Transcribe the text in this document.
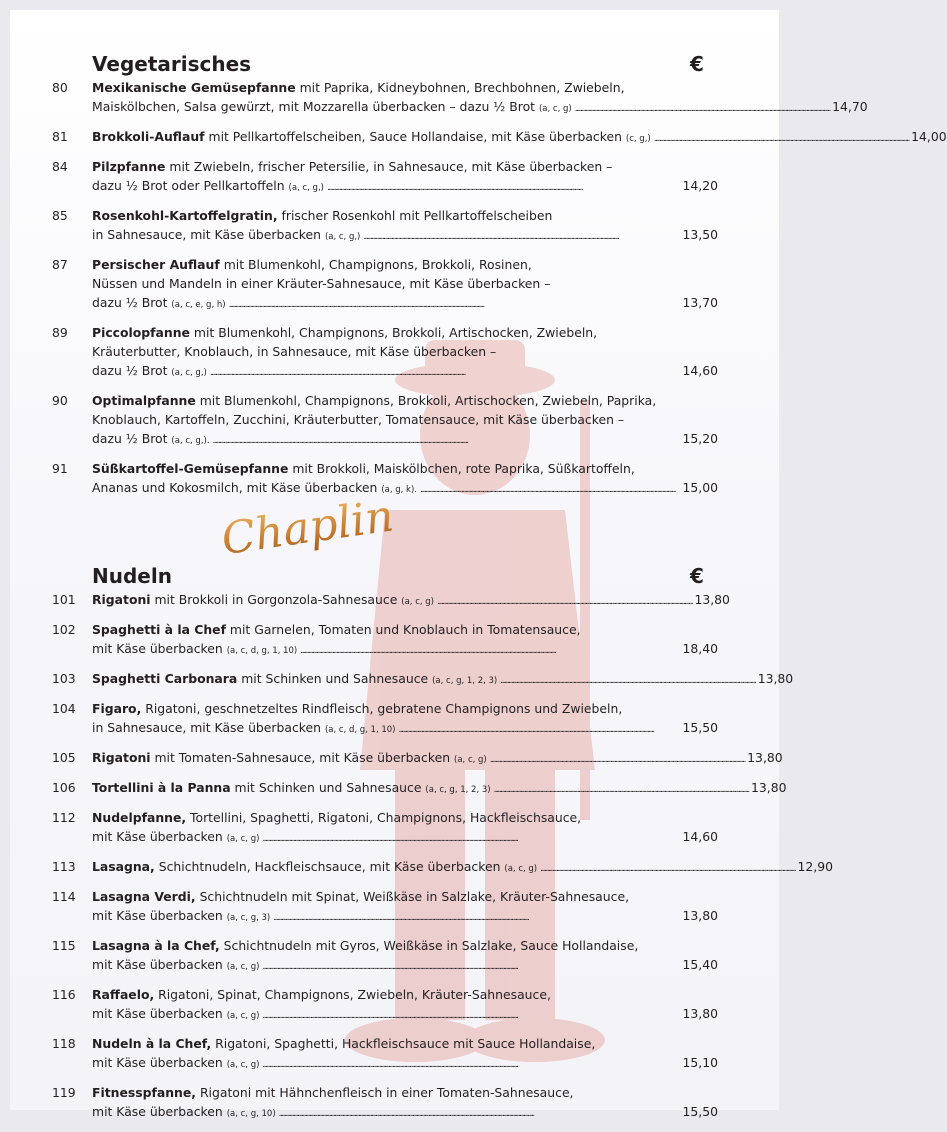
Vegetarisches	€
80	Mexikanische Gemüsepfanne mit Paprika, Kidneybohnen, Brechbohnen, Zwiebeln,
Maiskölbchen, Salsa gewürzt, mit Mozzarella überbacken – dazu ½ Brot (a, c, g) . . .	14,70
81	Brokkoli-Auflauf mit Pellkartoffelscheiben, Sauce Hollandaise, mit Käse überbacken (c, g,) . . .	14,00
84	Pilzpfanne mit Zwiebeln, frischer Petersilie, in Sahnesauce, mit Käse überbacken –
dazu ½ Brot oder Pellkartoffeln (a, c, g,) . . .	14,20
85	Rosenkohl-Kartoffelgratin, frischer Rosenkohl mit Pellkartoffelscheiben
in Sahnesauce, mit Käse überbacken (a, c, g,) . . .	13,50
87	Persischer Auflauf mit Blumenkohl, Champignons, Brokkoli, Rosinen,
Nüssen und Mandeln in einer Kräuter-Sahnesauce, mit Käse überbacken –
dazu ½ Brot (a, c, e, g, h) . . .	13,70
89	Piccolopfanne mit Blumenkohl, Champignons, Brokkoli, Artischocken, Zwiebeln,
Kräuterbutter, Knoblauch, in Sahnesauce, mit Käse überbacken –
dazu ½ Brot (a, c, g,) . . .	14,60
90	Optimalpfanne mit Blumenkohl, Champignons, Brokkoli, Artischocken, Zwiebeln, Paprika,
Knoblauch, Kartoffeln, Zucchini, Kräuterbutter, Tomatensauce, mit Käse überbacken –
dazu ½ Brot (a, c, g,). . . .	15,20
91	Süßkartoffel-Gemüsepfanne mit Brokkoli, Maiskölbchen, rote Paprika, Süßkartoffeln,
Ananas und Kokosmilch, mit Käse überbacken (a, g, k). . . .	15,00
Nudeln	€
101	Rigatoni mit Brokkoli in Gorgonzola-Sahnesauce (a, c, g) . . .	13,80
102	Spaghetti à la Chef mit Garnelen, Tomaten und Knoblauch in Tomatensauce,
mit Käse überbacken (a, c, d, g, 1, 10) . . .	18,40
103	Spaghetti Carbonara mit Schinken und Sahnesauce (a, c, g, 1, 2, 3) . . .	13,80
104	Figaro, Rigatoni, geschnetzeltes Rindfleisch, gebratene Champignons und Zwiebeln,
in Sahnesauce, mit Käse überbacken (a, c, d, g, 1, 10) . . .	15,50
105	Rigatoni mit Tomaten-Sahnesauce, mit Käse überbacken (a, c, g) . . .	13,80
106	Tortellini à la Panna mit Schinken und Sahnesauce (a, c, g, 1, 2, 3) . . .	13,80
112	Nudelpfanne, Tortellini, Spaghetti, Rigatoni, Champignons, Hackfleischsauce,
mit Käse überbacken (a, c, g) . . .	14,60
113	Lasagna, Schichtnudeln, Hackfleischsauce, mit Käse überbacken (a, c, g) . . .	12,90
114	Lasagna Verdi, Schichtnudeln mit Spinat, Weißkäse in Salzlake, Kräuter-Sahnesauce,
mit Käse überbacken (a, c, g, 3) . . .	13,80
115	Lasagna à la Chef, Schichtnudeln mit Gyros, Weißkäse in Salzlake, Sauce Hollandaise,
mit Käse überbacken (a, c, g) . . .	15,40
116	Raffaelo, Rigatoni, Spinat, Champignons, Zwiebeln, Kräuter-Sahnesauce,
mit Käse überbacken (a, c, g) . . .	13,80
118	Nudeln à la Chef, Rigatoni, Spaghetti, Hackfleischsauce mit Sauce Hollandaise,
mit Käse überbacken (a, c, g) . . .	15,10
119	Fitnesspfanne, Rigatoni mit Hähnchenfleisch in einer Tomaten-Sahnesauce,
mit Käse überbacken (a, c, g, 10) . . .	15,50
Chaplin
